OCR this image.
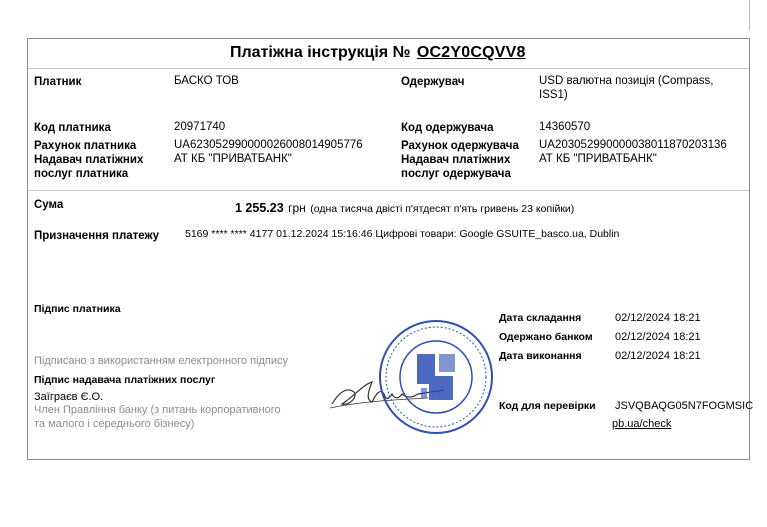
Платіжна інструкція № OC2Y0CQVV8
Платник	БАСКО ТОВ
Код платника	20971740
Рахунок платника	UA623052990000026008014905776
Надавач платіжних
послуг платника
АТ КБ "ПРИВАТБАНК"
Одержувач	USD валютна позиція (Compass,
ISS1)
Код одержувача	14360570
Рахунок одержувача UA203052990000038011870203136
Надавач платіжних
послуг одержувача
АТ КБ "ПРИВАТБАНК"
Сума	1 255.23 грн (одна тисяча двісті п'ятдесят п'ять гривень 23 копійки)
Призначення платежу 5169 **** **** 4177 01.12.2024 15:16:46 Цифрові товари: Google GSUITE_basco.ua, Dublin
Підпис платника
Підписано з використанням електронного підпису
Підпис надавача платіжних послуг
Заїграєв Є.О.
Член Правління банку (з питань корпоративного
та малого і середнього бізнесу)
Дата складання	02/12/2024 18:21
Одержано банком 02/12/2024 18:21
Дата виконання	02/12/2024 18:21
Код для перевірки JSVQBAQG05N7FOGMSIC
pb.ua/check
